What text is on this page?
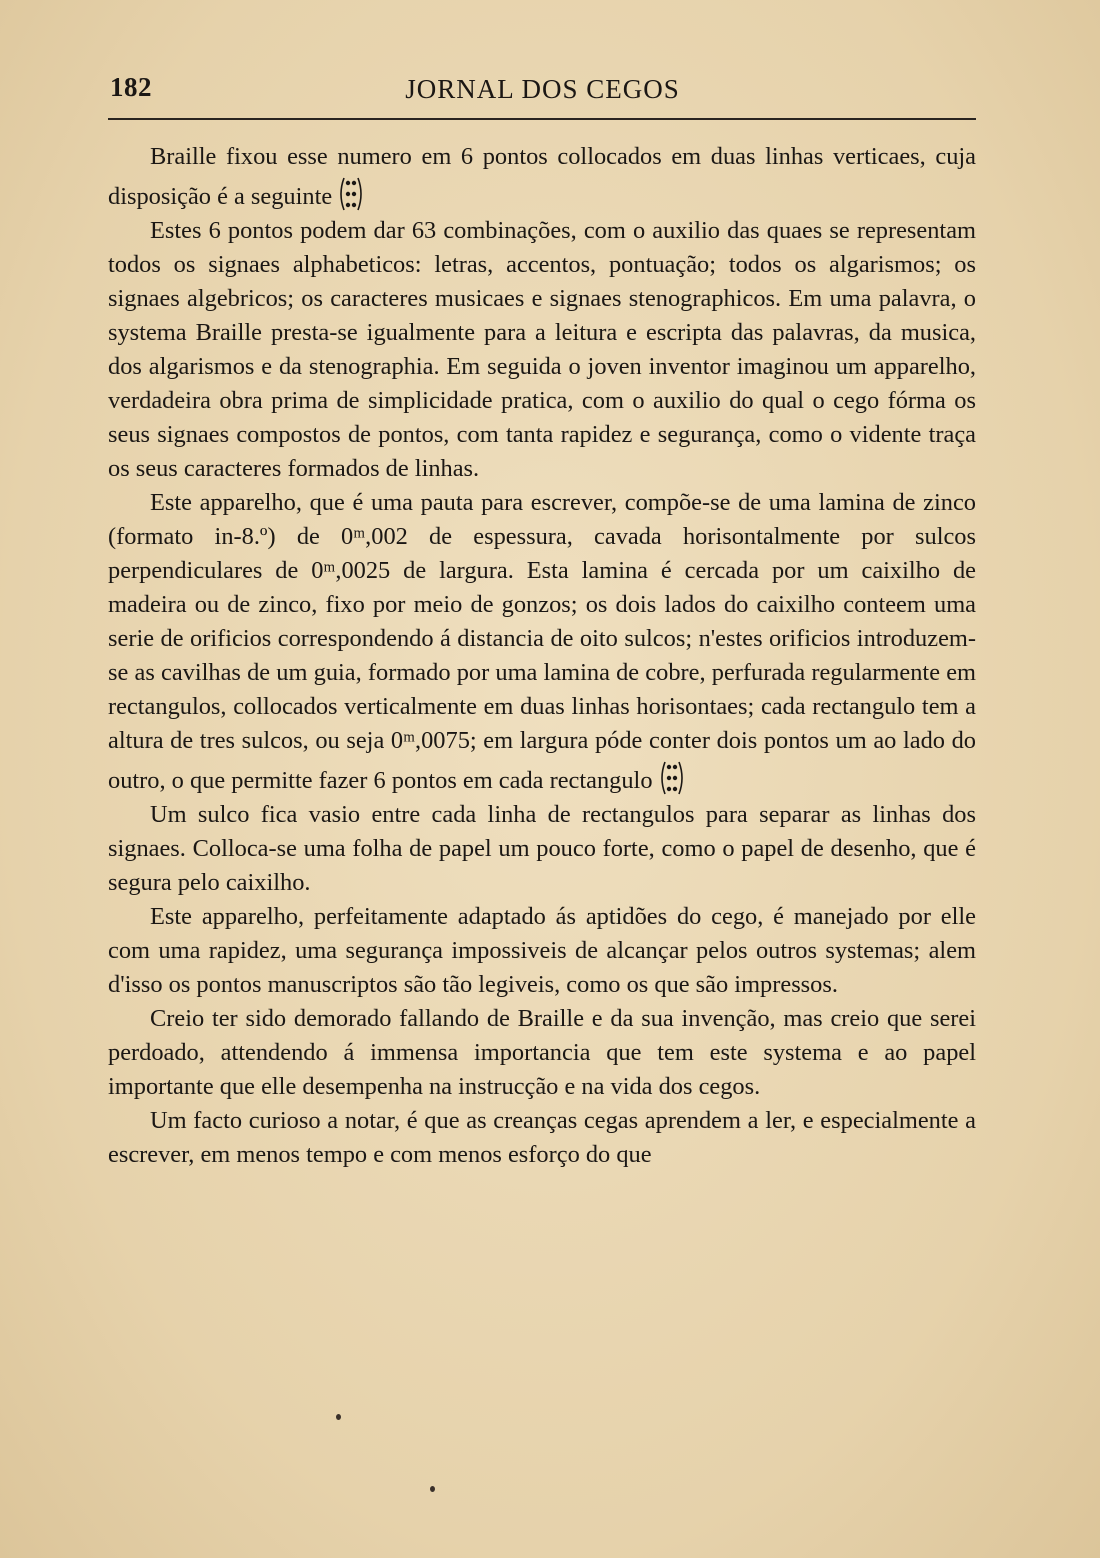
182	JORNAL DOS CEGOS

Braille fixou esse numero em 6 pontos collocados em duas linhas verticaes, cuja disposição é a seguinte

Estes 6 pontos podem dar 63 combinações, com o auxilio das quaes se representam todos os signaes alphabeticos: letras, accentos, pontuação; todos os algarismos; os signaes algebricos; os caracteres musicaes e signaes stenographicos. Em uma palavra, o systema Braille presta-se igualmente para a leitura e escripta das palavras, da musica, dos algarismos e da stenographia. Em seguida o joven inventor imaginou um apparelho, verdadeira obra prima de simplicidade pratica, com o auxilio do qual o cego fórma os seus signaes compostos de pontos, com tanta rapidez e segurança, como o vidente traça os seus caracteres formados de linhas.

Este apparelho, que é uma pauta para escrever, compõe-se de uma lamina de zinco (formato in-8.º) de 0ᵐ,002 de espessura, cavada horisontalmente por sulcos perpendiculares de 0ᵐ,0025 de largura. Esta lamina é cercada por um caixilho de madeira ou de zinco, fixo por meio de gonzos; os dois lados do caixilho conteem uma serie de orificios correspondendo á distancia de oito sulcos; n'estes orificios introduzem-se as cavilhas de um guia, formado por uma lamina de cobre, perfurada regularmente em rectangulos, collocados verticalmente em duas linhas horisontaes; cada rectangulo tem a altura de tres sulcos, ou seja 0ᵐ,0075; em largura póde conter dois pontos um ao lado do outro, o que permitte fazer 6 pontos em cada rectangulo

Um sulco fica vasio entre cada linha de rectangulos para separar as linhas dos signaes. Colloca-se uma folha de papel um pouco forte, como o papel de desenho, que é segura pelo caixilho.

Este apparelho, perfeitamente adaptado ás aptidões do cego, é manejado por elle com uma rapidez, uma segurança impossiveis de alcançar pelos outros systemas; alem d'isso os pontos manuscriptos são tão legiveis, como os que são impressos.

Creio ter sido demorado fallando de Braille e da sua invenção, mas creio que serei perdoado, attendendo á immensa importancia que tem este systema e ao papel importante que elle desempenha na instrucção e na vida dos cegos.

Um facto curioso a notar, é que as creanças cegas aprendem a ler, e especialmente a escrever, em menos tempo e com menos esforço do que
